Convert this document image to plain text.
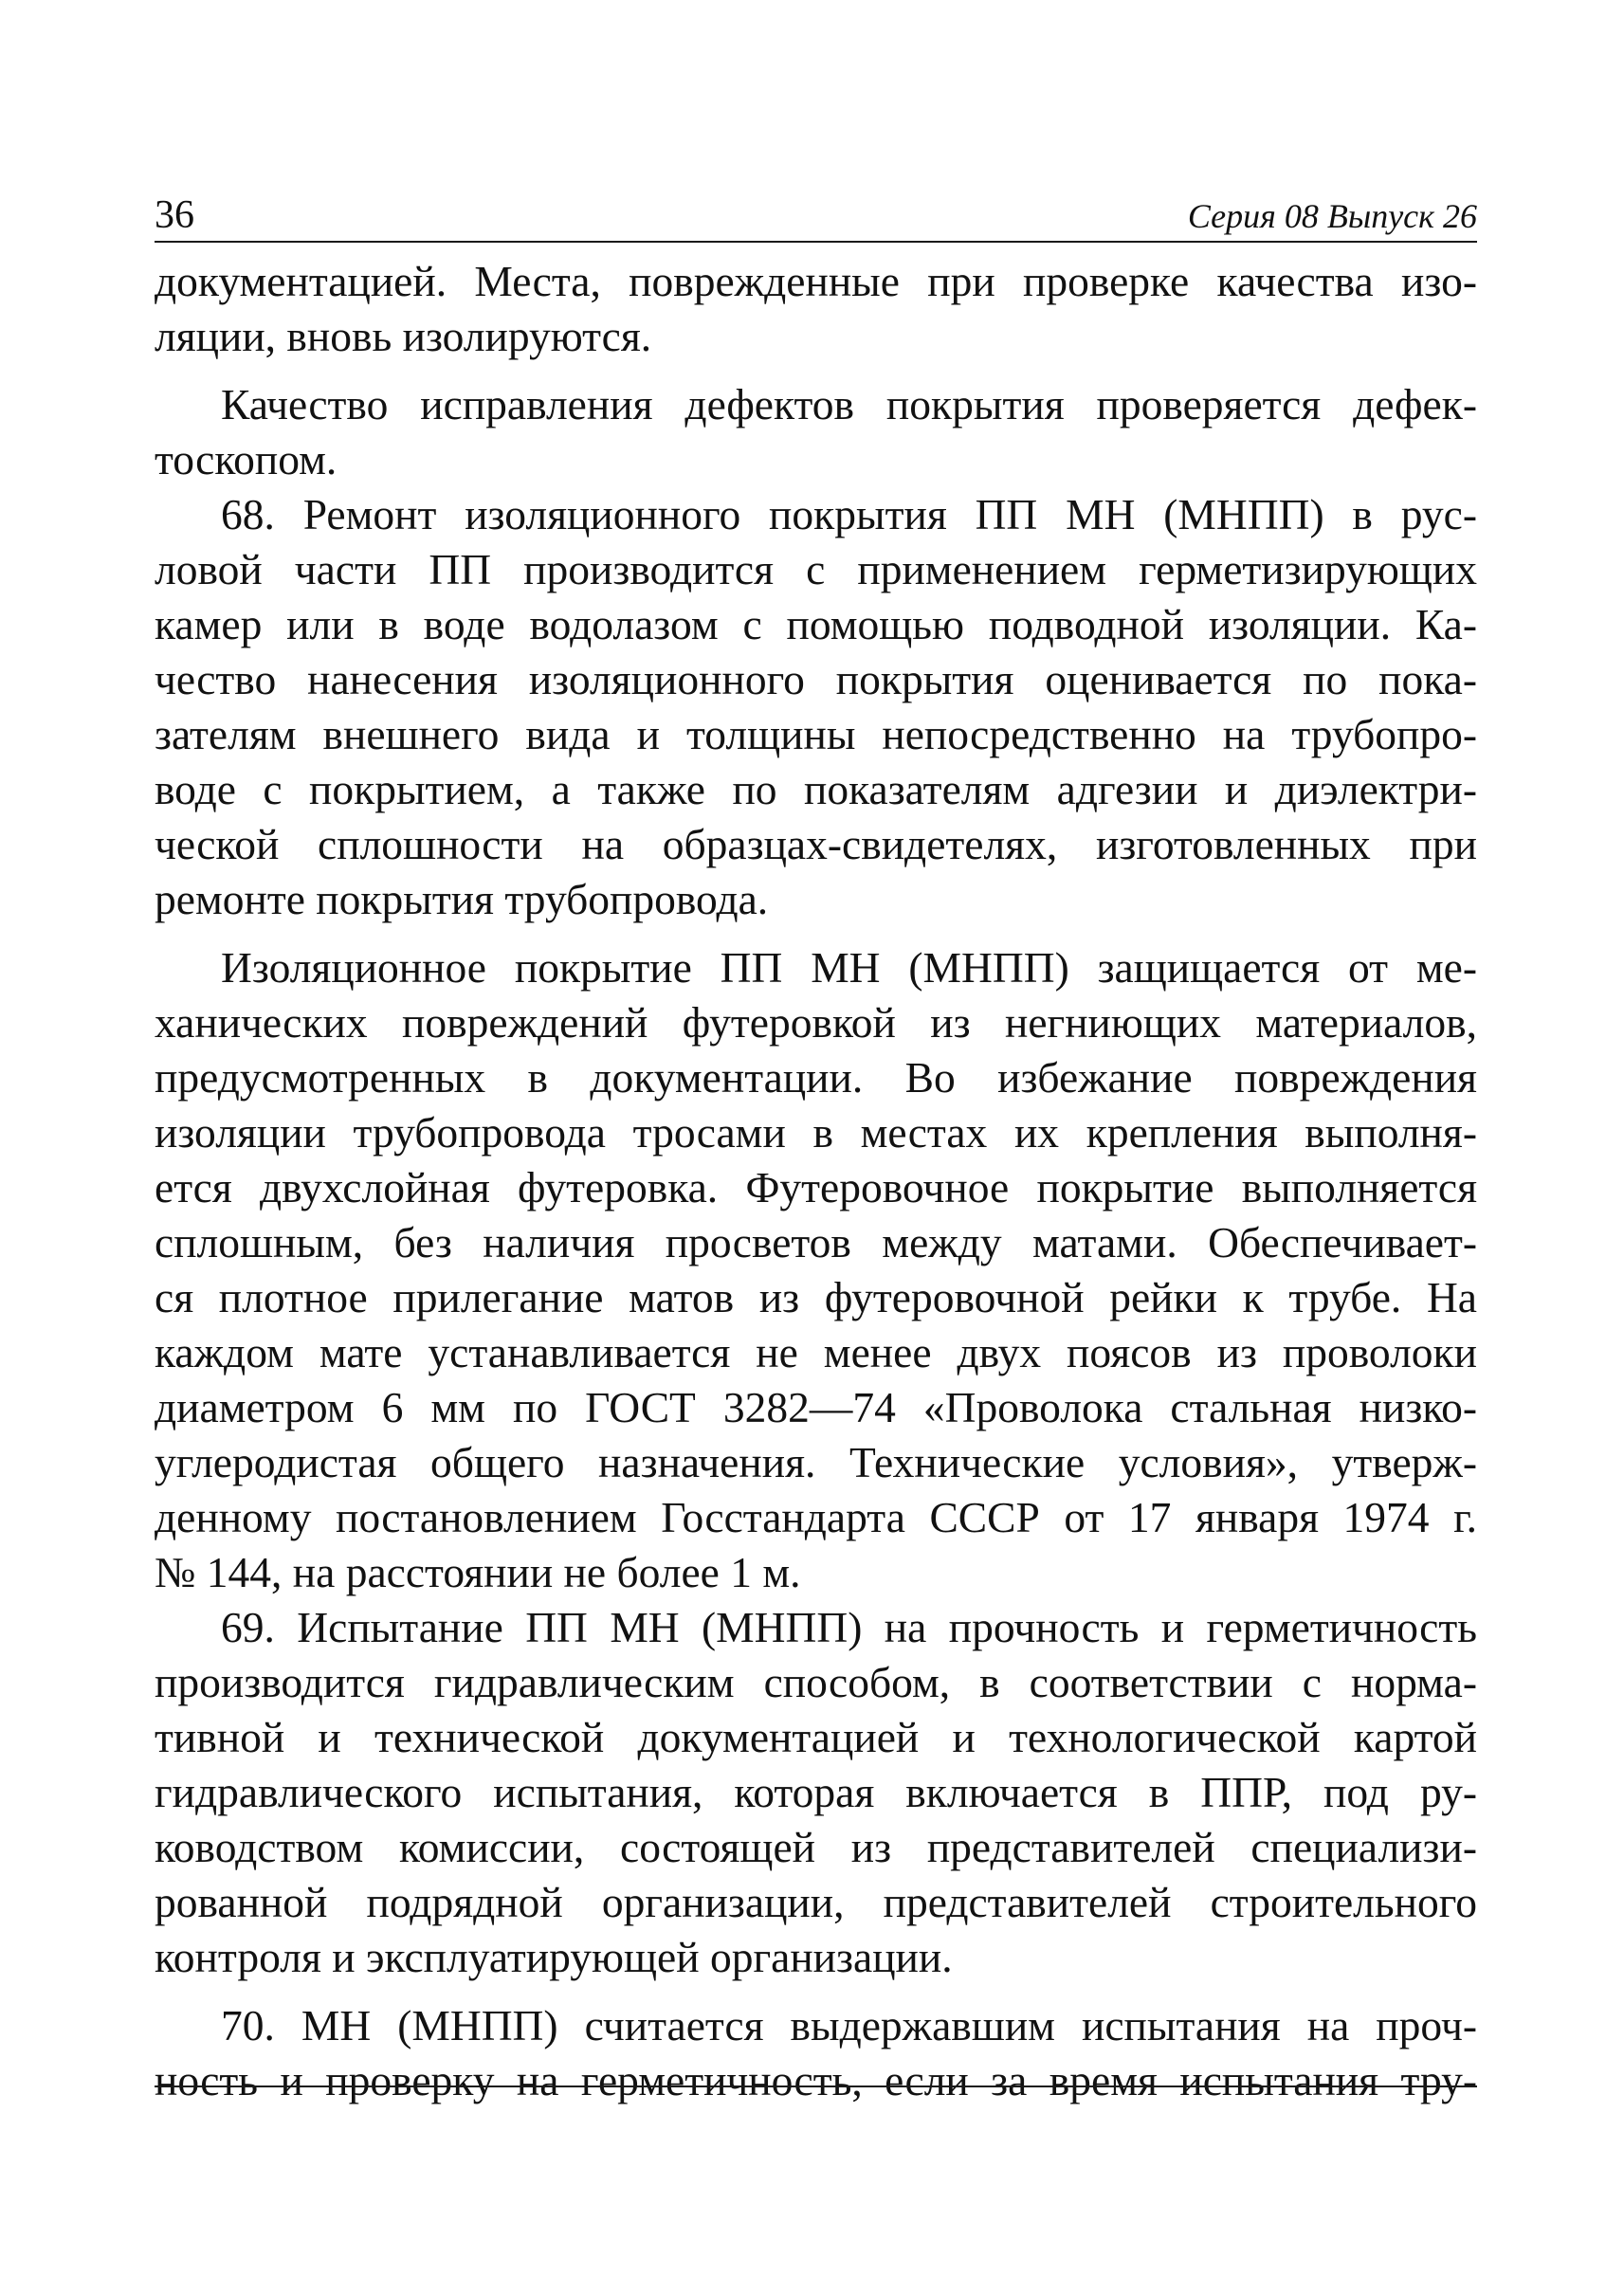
36	Серия 08 Выпуск 26
документацией. Места, поврежденные при проверке качества изо-
ляции, вновь изолируются.
Качество исправления дефектов покрытия проверяется дефек-
тоскопом.
68. Ремонт изоляционного покрытия ПП МН (МНПП) в рус-
ловой части ПП производится с применением герметизирующих
камер или в воде водолазом с помощью подводной изоляции. Ка-
чество нанесения изоляционного покрытия оценивается по пока-
зателям внешнего вида и толщины непосредственно на трубопро-
воде с покрытием, а также по показателям адгезии и диэлектри-
ческой сплошности на образцах-свидетелях, изготовленных при
ремонте покрытия трубопровода.
Изоляционное покрытие ПП МН (МНПП) защищается от ме-
ханических повреждений футеровкой из негниющих материалов,
предусмотренных в документации. Во избежание повреждения
изоляции трубопровода тросами в местах их крепления выполня-
ется двухслойная футеровка. Футеровочное покрытие выполняется
сплошным, без наличия просветов между матами. Обеспечивает-
ся плотное прилегание матов из футеровочной рейки к трубе. На
каждом мате устанавливается не менее двух поясов из проволоки
диаметром 6 мм по ГОСТ 3282—74 «Проволока стальная низко-
углеродистая общего назначения. Технические условия», утверж-
денному постановлением Госстандарта СССР от 17 января 1974 г.
№ 144, на расстоянии не более 1 м.
69. Испытание ПП МН (МНПП) на прочность и герметичность
производится гидравлическим способом, в соответствии с норма-
тивной и технической документацией и технологической картой
гидравлического испытания, которая включается в ППР, под ру-
ководством комиссии, состоящей из представителей специализи-
рованной подрядной организации, представителей строительного
контроля и эксплуатирующей организации.
70. МН (МНПП) считается выдержавшим испытания на проч-
ность и проверку на герметичность, если за время испытания тру-
